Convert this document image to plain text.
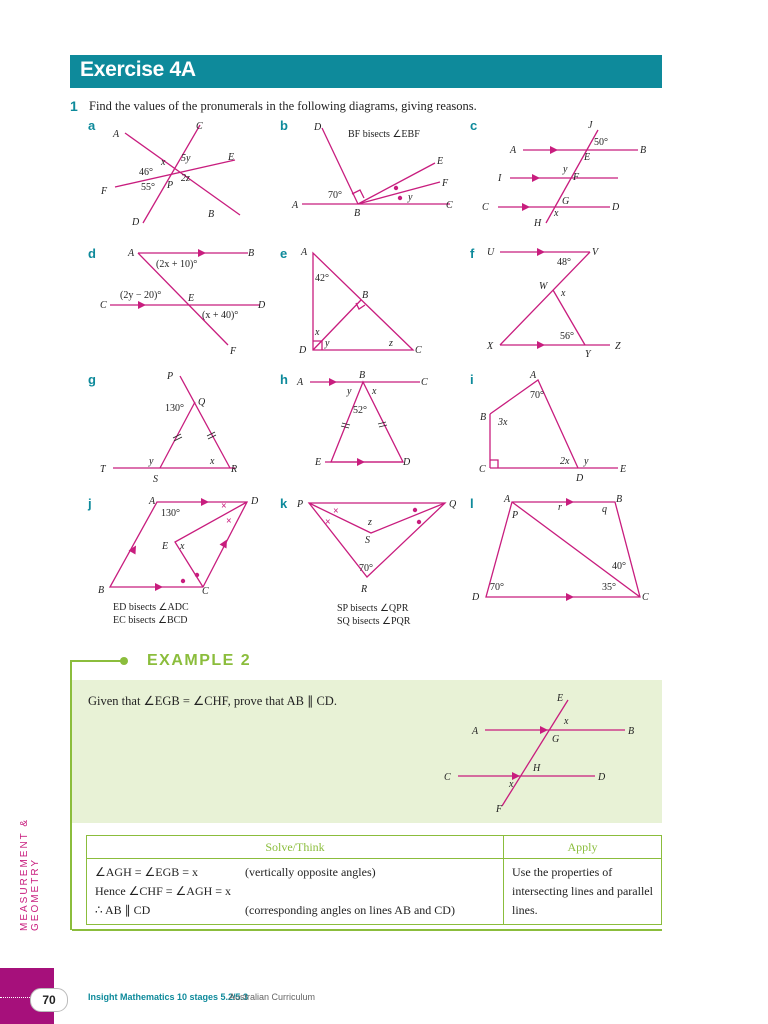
Exercise 4A
1 Find the values of the pronumerals in the following diagrams, giving reasons.
a	b	c
d	e	f
g	h	i
j	k	l
A
C
E
F
P
B
D
5y
x
46°
2z
55°
BF bisects ∠EBF
D
E
F
A
B
C
70°	y
J
A	B
E
I	F
C
G
D
H
50°
y
x
A	B
C
E
D
F
(2x + 10)°
(2y − 20)°
(x + 40)°
A
B
D	C
42°
x
y	z
U	V
W
X
Y
Z
48°
x
56°
P
Q
T
S
R
130°
y	x
A
B
C
E	D
y x
52°
A
B
C
D
E
70°
3x
2x y
×
×
A	D
E
B	C
130°
x
ED bisects ∠ADC
EC bisects ∠BCD
×
×
P	Q
S
R
z
70°
SP bisects ∠QPR
SQ bisects ∠PQR
A	B
P
D	C
r	q
40°
70°	35°
EXAMPLE 2
Given that ∠EGB = ∠CHF, prove that AB ∥ CD.	E
A	B
G
C
H
D
F
x
x
Solve/Think	Apply

∠AGH = ∠EGB = x (vertically opposite angles)
Hence ∠CHF = ∠AGH = x
∴ AB ∥ CD (corresponding angles on lines AB and CD)	Use the properties of intersecting lines and parallel lines.
MEASUREMENT & GEOMETRY
70	Insight Mathematics 10 stages 5.2/5.3
Australian Curriculum
